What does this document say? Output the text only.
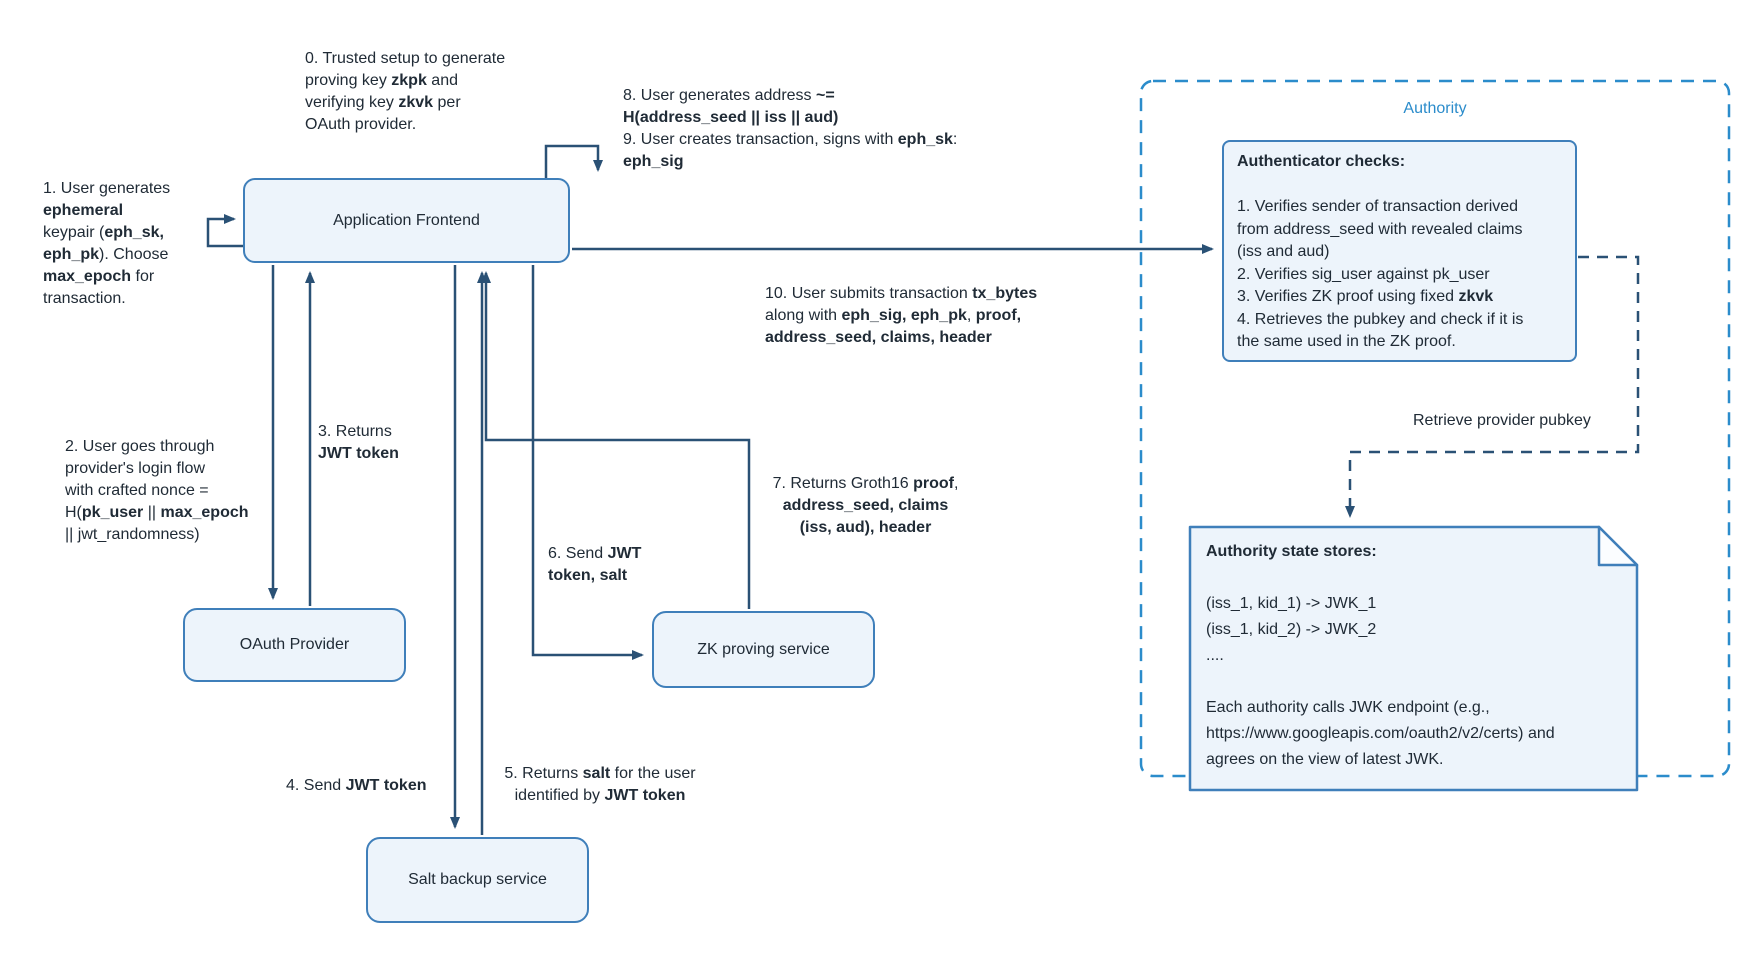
Application Frontend
OAuth Provider	ZK proving service
Salt backup service
Authority
Authenticator checks:

1. Verifies sender of transaction derived
from address_seed with revealed claims
(iss and aud)
2. Verifies sig_user against pk_user
3. Verifies ZK proof using fixed zkvk
4. Retrieves the pubkey and check if it is
the same used in the ZK proof.
Authority state stores:

(iss_1, kid_1) -> JWK_1
(iss_1, kid_2) -> JWK_2
....

Each authority calls JWK endpoint (e.g.,
https://www.googleapis.com/oauth2/v2/certs) and
agrees on the view of latest JWK.
Retrieve provider pubkey
0. Trusted setup to generate
proving key zkpk and
verifying key zkvk per
OAuth provider.
1. User generates
ephemeral
keypair (eph_sk,
eph_pk). Choose
max_epoch for
transaction.
2. User goes through
provider's login flow
with crafted nonce =
H(pk_user || max_epoch
|| jwt_randomness)
3. Returns
JWT token
4. Send JWT token
5. Returns salt for the user
identified by JWT token
6. Send JWT
token, salt
7. Returns Groth16 proof,
address_seed, claims
(iss, aud), header
8. User generates address ~=
H(address_seed || iss || aud)
9. User creates transaction, signs with eph_sk:
eph_sig
10. User submits transaction tx_bytes
along with eph_sig, eph_pk, proof,
address_seed, claims, header
